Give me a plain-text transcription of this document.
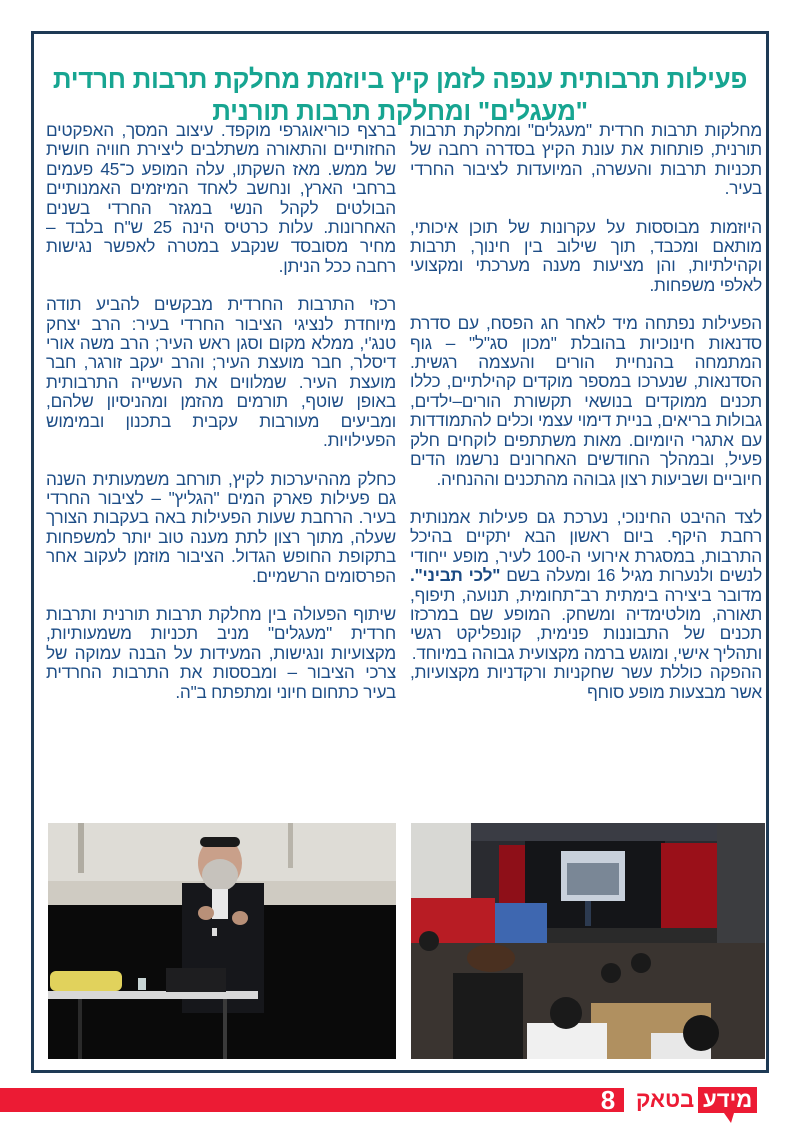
פעילות תרבותית ענפה לזמן קיץ ביוזמת מחלקת תרבות חרדית "מעגלים" ומחלקת תרבות תורנית

מחלקות תרבות חרדית "מעגלים" ומחלקת תרבות תורנית, פותחות את עונת הקיץ בסדרה רחבה של תכניות תרבות והעשרה, המיועדות לציבור החרדי בעיר.

היוזמות מבוססות על עקרונות של תוכן איכותי, מותאם ומכבד, תוך שילוב בין חינוך, תרבות וקהילתיות, והן מציעות מענה מערכתי ומקצועי לאלפי משפחות.

הפעילות נפתחה מיד לאחר חג הפסח, עם סדרת סדנאות חינוכיות בהובלת "מכון סג"ל" – גוף המתמחה בהנחיית הורים והעצמה רגשית. הסדנאות, שנערכו במספר מוקדים קהילתיים, כללו תכנים ממוקדים בנושאי תקשורת הורים–ילדים, גבולות בריאים, בניית דימוי עצמי וכלים להתמודדות עם אתגרי היומיום. מאות משתתפים לוקחים חלק פעיל, ובמהלך החודשים האחרונים נרשמו הדים חיוביים ושביעות רצון גבוהה מהתכנים וההנחיה.

לצד ההיבט החינוכי, נערכת גם פעילות אמנותית רחבת היקף. ביום ראשון הבא יתקיים בהיכל התרבות, במסגרת אירועי ה-100 לעיר, מופע ייחודי לנשים ולנערות מגיל 16 ומעלה בשם "לכי תביני". מדובר ביצירה בימתית רב־תחומית, תנועה, תיפוף, תאורה, מולטימדיה ומשחק. המופע שם במרכזו תכנים של התבוננות פנימית, קונפליקט רגשי ותהליך אישי, ומוגש ברמה מקצועית גבוהה במיוחד.

ההפקה כוללת עשר שחקניות ורקדניות מקצועיות, אשר מבצעות מופע סוחף

ברצף כוריאוגרפי מוקפד. עיצוב המסך, האפקטים החזותיים והתאורה משתלבים ליצירת חוויה חושית של ממש. מאז השקתו, עלה המופע כ־45 פעמים ברחבי הארץ, ונחשב לאחד המיזמים האמנותיים הבולטים לקהל הנשי במגזר החרדי בשנים האחרונות. עלות כרטיס הינה 25 ש"ח בלבד – מחיר מסובסד שנקבע במטרה לאפשר נגישות רחבה ככל הניתן.

רכזי התרבות החרדית מבקשים להביע תודה מיוחדת לנציגי הציבור החרדי בעיר: הרב יצחק טנג'י, ממלא מקום וסגן ראש העיר; הרב משה אורי דיסלר, חבר מועצת העיר; והרב יעקב זורגר, חבר מועצת העיר. שמלווים את העשייה התרבותית באופן שוטף, תורמים מהזמן ומהניסיון שלהם, ומביעים מעורבות עקבית בתכנון ובמימוש הפעילויות.

כחלק מההיערכות לקיץ, תורחב משמעותית השנה גם פעילות פארק המים "הגליץ" – לציבור החרדי בעיר. הרחבת שעות הפעילות באה בעקבות הצורך שעלה, מתוך רצון לתת מענה טוב יותר למשפחות בתקופת החופש הגדול. הציבור מוזמן לעקוב אחר הפרסומים הרשמיים.

שיתוף הפעולה בין מחלקת תרבות תורנית ותרבות חרדית "מעגלים" מניב תכניות משמעותיות, מקצועיות ונגישות, המעידות על הבנה עמוקה של צרכי הציבור – ומבססות את התרבות החרדית בעיר כתחום חיוני ומתפתח ב"ה.

8	מידע
בטאק
